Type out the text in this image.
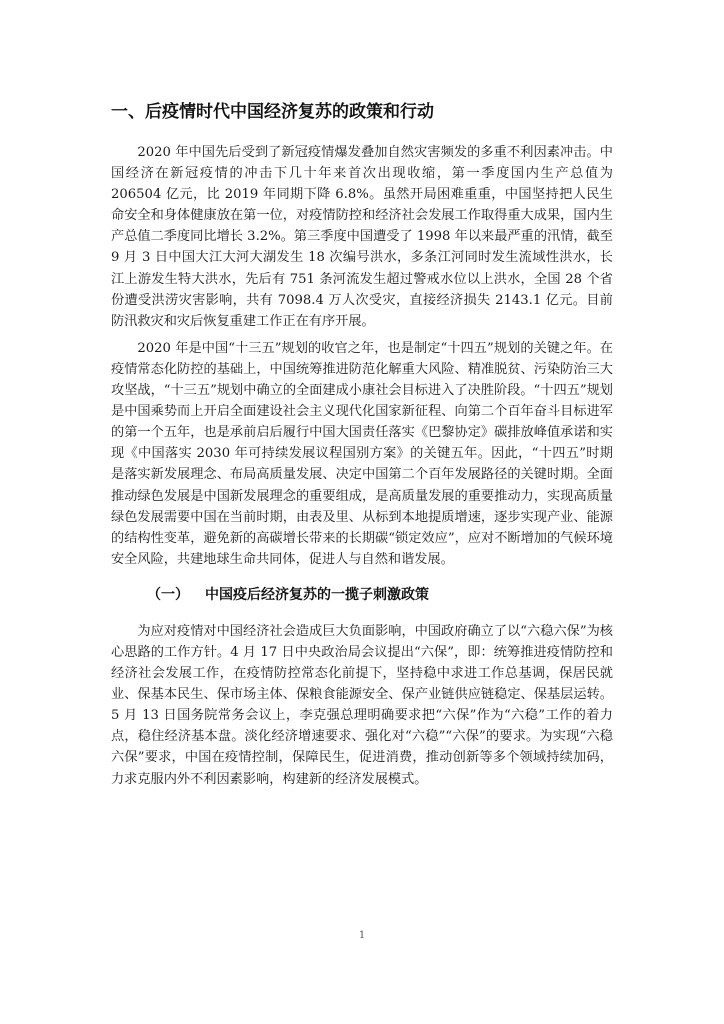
一、后疫情时代中国经济复苏的政策和行动

2020 年中国先后受到了新冠疫情爆发叠加自然灾害频发的多重不利因素冲击。中国经济在新冠疫情的冲击下几十年来首次出现收缩，第一季度国内生产总值为 206504 亿元，比 2019 年同期下降 6.8%。虽然开局困难重重，中国坚持把人民生命安全和身体健康放在第一位，对疫情防控和经济社会发展工作取得重大成果，国内生产总值二季度同比增长 3.2%。第三季度中国遭受了 1998 年以来最严重的汛情，截至 9 月 3 日中国大江大河大湖发生 18 次编号洪水，多条江河同时发生流域性洪水，长江上游发生特大洪水，先后有 751 条河流发生超过警戒水位以上洪水，全国 28 个省份遭受洪涝灾害影响，共有 7098.4 万人次受灾，直接经济损失 2143.1 亿元。目前防汛救灾和灾后恢复重建工作正在有序开展。

2020 年是中国“十三五”规划的收官之年，也是制定“十四五”规划的关键之年。在疫情常态化防控的基础上，中国统筹推进防范化解重大风险、精准脱贫、污染防治三大攻坚战，“十三五”规划中确立的全面建成小康社会目标进入了决胜阶段。“十四五”规划是中国乘势而上开启全面建设社会主义现代化国家新征程、向第二个百年奋斗目标进军的第一个五年，也是承前启后履行中国大国责任落实《巴黎协定》碳排放峰值承诺和实现《中国落实 2030 年可持续发展议程国别方案》的关键五年。因此，“十四五”时期是落实新发展理念、布局高质量发展、决定中国第二个百年发展路径的关键时期。全面推动绿色发展是中国新发展理念的重要组成，是高质量发展的重要推动力，实现高质量绿色发展需要中国在当前时期，由表及里、从标到本地提质增速，逐步实现产业、能源的结构性变革，避免新的高碳增长带来的长期碳“锁定效应”，应对不断增加的气候环境安全风险，共建地球生命共同体，促进人与自然和谐发展。

（一） 中国疫后经济复苏的一揽子刺激政策

为应对疫情对中国经济社会造成巨大负面影响，中国政府确立了以“六稳六保”为核心思路的工作方针。4 月 17 日中央政治局会议提出“六保”，即：统筹推进疫情防控和经济社会发展工作，在疫情防控常态化前提下，坚持稳中求进工作总基调，保居民就业、保基本民生、保市场主体、保粮食能源安全、保产业链供应链稳定、保基层运转。5 月 13 日国务院常务会议上，李克强总理明确要求把“六保”作为“六稳”工作的着力点，稳住经济基本盘。淡化经济增速要求、强化对“六稳”“六保”的要求。为实现“六稳六保”要求，中国在疫情控制，保障民生，促进消费，推动创新等多个领域持续加码，力求克服内外不利因素影响，构建新的经济发展模式。

1
